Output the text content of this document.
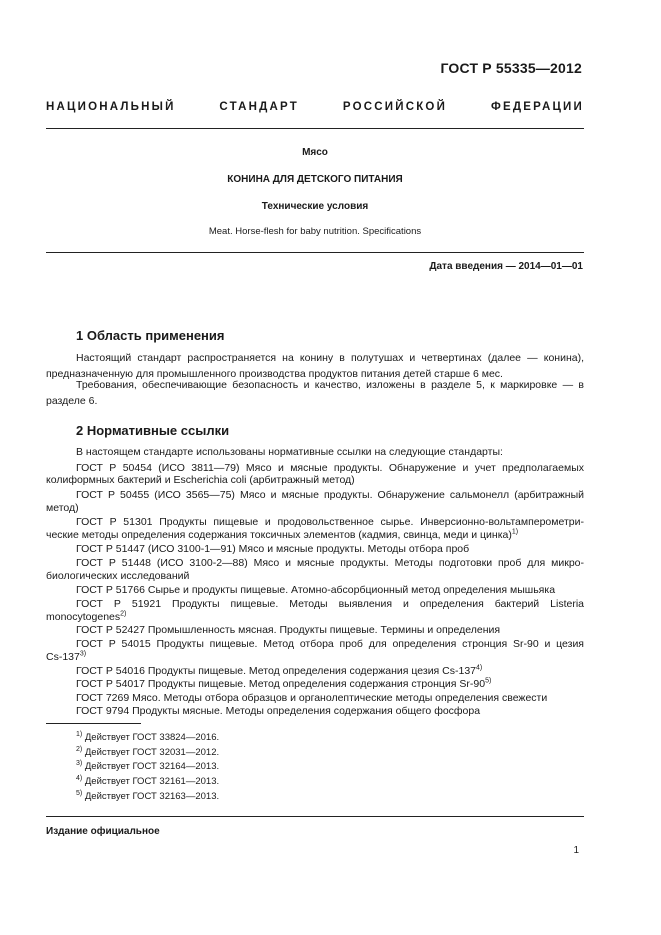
ГОСТ Р 55335—2012
НАЦИОНАЛЬНЫЙ СТАНДАРТ РОССИЙСКОЙ ФЕДЕРАЦИИ
Мясо
КОНИНА ДЛЯ ДЕТСКОГО ПИТАНИЯ
Технические условия
Meat. Horse-flesh for baby nutrition. Specifications
Дата введения — 2014—01—01
1 Область применения
Настоящий стандарт распространяется на конину в полутушах и четвертинах (далее — конина),
предназначенную для промышленного производства продуктов питания детей старше 6 мес.
Требования, обеспечивающие безопасность и качество, изложены в разделе 5, к маркировке — в
разделе 6.
2 Нормативные ссылки
В настоящем стандарте использованы нормативные ссылки на следующие стандарты:
ГОСТ Р 50454 (ИСО 3811—79) Мясо и мясные продукты. Обнаружение и учет предполагаемых
колиформных бактерий и Escherichia coli (арбитражный метод)
ГОСТ Р 50455 (ИСО 3565—75) Мясо и мясные продукты. Обнаружение сальмонелл (арбитражный
метод)
ГОСТ Р 51301 Продукты пищевые и продовольственное сырье. Инверсионно-вольтамперометри-
ческие методы определения содержания токсичных элементов (кадмия, свинца, меди и цинка)$^{1)}$
ГОСТ Р 51447 (ИСО 3100-1—91) Мясо и мясные продукты. Методы отбора проб
ГОСТ Р 51448 (ИСО 3100-2—88) Мясо и мясные продукты. Методы подготовки проб для микро-
биологических исследований
ГОСТ Р 51766 Сырье и продукты пищевые. Атомно-абсорбционный метод определения мышьяка
ГОСТ Р 51921 Продукты пищевые. Методы выявления и определения бактерий Listeria
monocytogenes$^{2)}$
ГОСТ Р 52427 Промышленность мясная. Продукты пищевые. Термины и определения
ГОСТ Р 54015 Продукты пищевые. Метод отбора проб для определения стронция Sr-90 и цезия
Cs-137$^{3)}$
ГОСТ Р 54016 Продукты пищевые. Метод определения содержания цезия Cs-137$^{4)}$
ГОСТ Р 54017 Продукты пищевые. Метод определения содержания стронция Sr-90$^{5)}$
ГОСТ 7269 Мясо. Методы отбора образцов и органолептические методы определения свежести
ГОСТ 9794 Продукты мясные. Методы определения содержания общего фосфора
$^{1)}$ Действует ГОСТ 33824—2016.
$^{2)}$ Действует ГОСТ 32031—2012.
$^{3)}$ Действует ГОСТ 32164—2013.
$^{4)}$ Действует ГОСТ 32161—2013.
$^{5)}$ Действует ГОСТ 32163—2013.
Издание официальное
1
